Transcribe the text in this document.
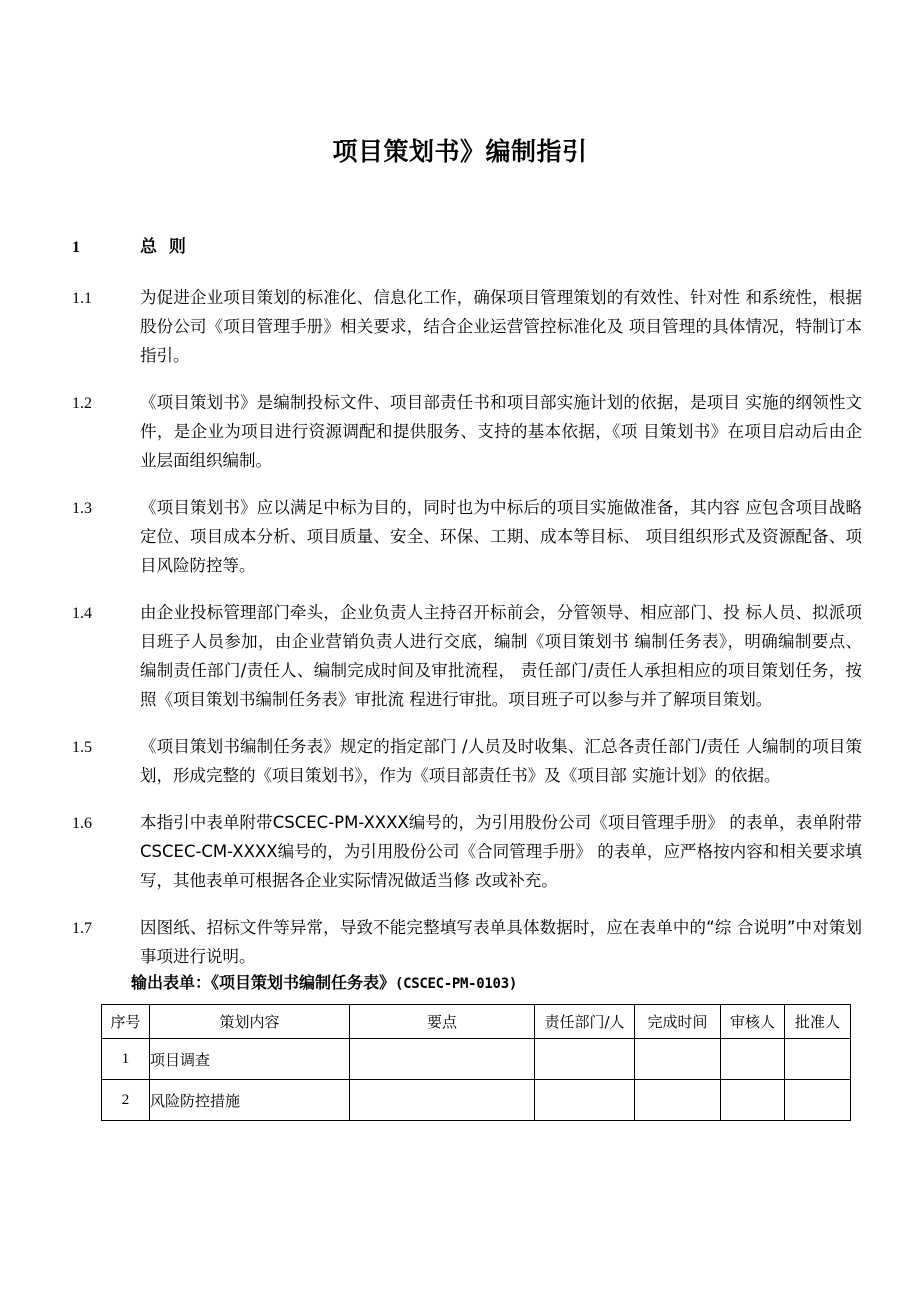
项目策划书》编制指引
1	总 则
1.1	为促进企业项目策划的标准化、信息化工作，确保项目管理策划的有效性、针对性 和系统性，根据股份公司《项目管理手册》相关要求，结合企业运营管控标准化及 项目管理的具体情况，特制订本指引。
1.2	《项目策划书》是编制投标文件、项目部责任书和项目部实施计划的依据，是项目 实施的纲领性文件，是企业为项目进行资源调配和提供服务、支持的基本依据，《项 目策划书》在项目启动后由企业层面组织编制。
1.3	《项目策划书》应以满足中标为目的，同时也为中标后的项目实施做准备，其内容 应包含项目战略定位、项目成本分析、项目质量、安全、环保、工期、成本等目标、 项目组织形式及资源配备、项目风险防控等。
1.4	由企业投标管理部门牵头，企业负责人主持召开标前会，分管领导、相应部门、投 标人员、拟派项目班子人员参加，由企业营销负责人进行交底，编制《项目策划书 编制任务表》，明确编制要点、编制责任部门/责任人、编制完成时间及审批流程， 责任部门/责任人承担相应的项目策划任务，按照《项目策划书编制任务表》审批流 程进行审批。项目班子可以参与并了解项目策划。
1.5	《项目策划书编制任务表》规定的指定部门 /人员及时收集、汇总各责任部门/责任 人编制的项目策划，形成完整的《项目策划书》，作为《项目部责任书》及《项目部 实施计划》的依据。
1.6	本指引中表单附带CSCEC-PM-XXXX编号的，为引用股份公司《项目管理手册》 的表单，表单附带CSCEC-CM-XXXX编号的，为引用股份公司《合同管理手册》 的表单，应严格按内容和相关要求填写，其他表单可根据各企业实际情况做适当修 改或补充。
1.7	因图纸、招标文件等异常，导致不能完整填写表单具体数据时，应在表单中的“综 合说明”中对策划事项进行说明。
输出表单：《项目策划书编制任务表》(CSCEC-PM-0103)
序号	策划内容	要点	责任部门/人	完成时间	审核人	批准人
1	项目调查					
2	风险防控措施					
